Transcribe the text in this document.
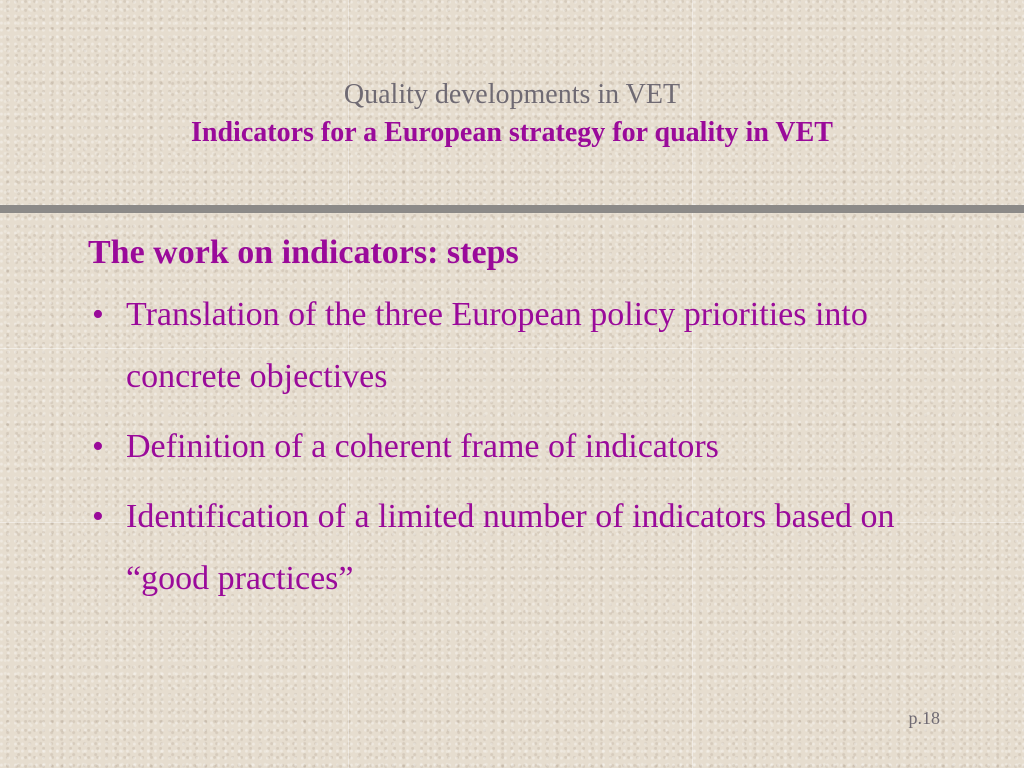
Quality developments in VET
Indicators for a European strategy for quality in VET
The work on indicators: steps
• Translation of the three European policy priorities into concrete objectives
• Definition of a coherent frame of indicators
• Identification of a limited number of indicators based on “good practices”
p.18
